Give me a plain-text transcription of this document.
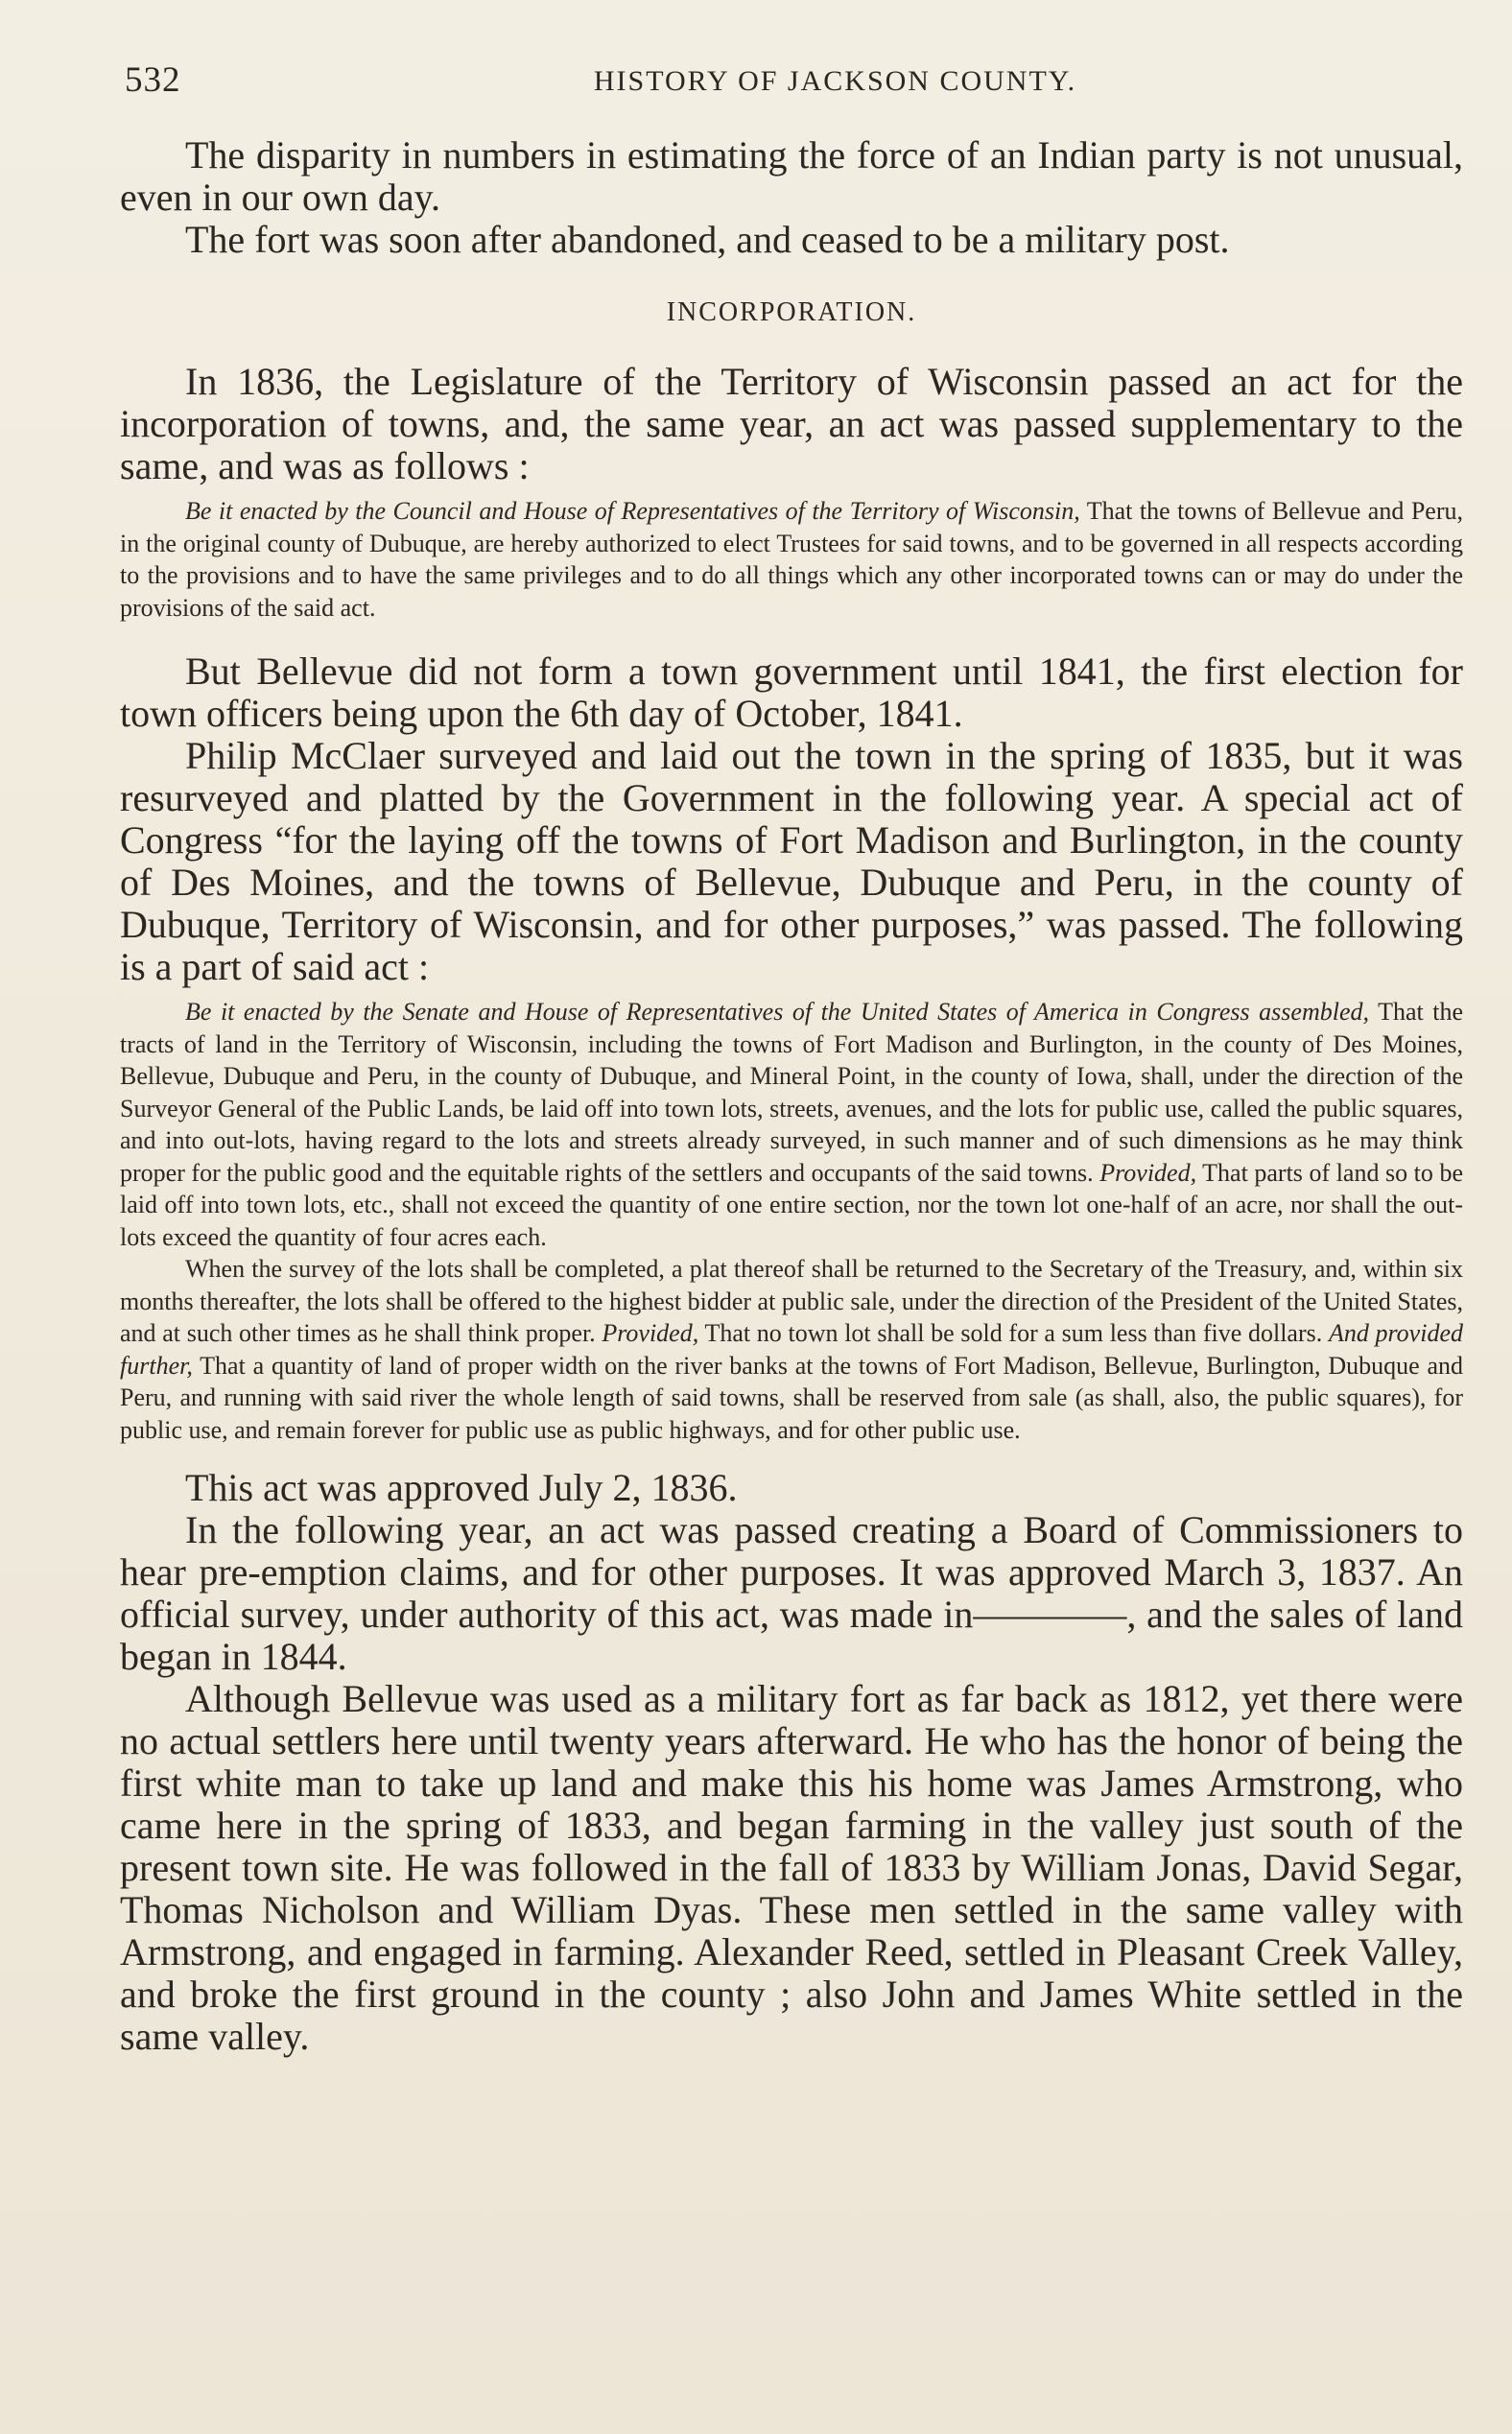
532	HISTORY OF JACKSON COUNTY.

The disparity in numbers in estimating the force of an Indian party is not unusual, even in our own day.

The fort was soon after abandoned, and ceased to be a military post.

INCORPORATION.

In 1836, the Legislature of the Territory of Wisconsin passed an act for the incorporation of towns, and, the same year, an act was passed supplementary to the same, and was as follows :

Be it enacted by the Council and House of Representatives of the Territory of Wisconsin, That the towns of Bellevue and Peru, in the original county of Dubuque, are hereby authorized to elect Trustees for said towns, and to be governed in all respects according to the provisions and to have the same privileges and to do all things which any other incorporated towns can or may do under the provisions of the said act.

But Bellevue did not form a town government until 1841, the first election for town officers being upon the 6th day of October, 1841.

Philip McClaer surveyed and laid out the town in the spring of 1835, but it was resurveyed and platted by the Government in the following year. A special act of Congress “for the laying off the towns of Fort Madison and Burlington, in the county of Des Moines, and the towns of Bellevue, Dubuque and Peru, in the county of Dubuque, Territory of Wisconsin, and for other purposes,” was passed. The following is a part of said act :

Be it enacted by the Senate and House of Representatives of the United States of America in Congress assembled, That the tracts of land in the Territory of Wisconsin, including the towns of Fort Madison and Burlington, in the county of Des Moines, Bellevue, Dubuque and Peru, in the county of Dubuque, and Mineral Point, in the county of Iowa, shall, under the direction of the Surveyor General of the Public Lands, be laid off into town lots, streets, avenues, and the lots for public use, called the public squares, and into out-lots, having regard to the lots and streets already surveyed, in such manner and of such dimensions as he may think proper for the public good and the equitable rights of the settlers and occupants of the said towns. Provided, That parts of land so to be laid off into town lots, etc., shall not exceed the quantity of one entire section, nor the town lot one-half of an acre, nor shall the out-lots exceed the quantity of four acres each.

When the survey of the lots shall be completed, a plat thereof shall be returned to the Secretary of the Treasury, and, within six months thereafter, the lots shall be offered to the highest bidder at public sale, under the direction of the President of the United States, and at such other times as he shall think proper. Provided, That no town lot shall be sold for a sum less than five dollars. And provided further, That a quantity of land of proper width on the river banks at the towns of Fort Madison, Bellevue, Burlington, Dubuque and Peru, and running with said river the whole length of said towns, shall be reserved from sale (as shall, also, the public squares), for public use, and remain forever for public use as public highways, and for other public use.

This act was approved July 2, 1836.

In the following year, an act was passed creating a Board of Commissioners to hear pre-emption claims, and for other purposes. It was approved March 3, 1837. An official survey, under authority of this act, was made in————, and the sales of land began in 1844.

Although Bellevue was used as a military fort as far back as 1812, yet there were no actual settlers here until twenty years afterward. He who has the honor of being the first white man to take up land and make this his home was James Armstrong, who came here in the spring of 1833, and began farming in the valley just south of the present town site. He was followed in the fall of 1833 by William Jonas, David Segar, Thomas Nicholson and William Dyas. These men settled in the same valley with Armstrong, and engaged in farming. Alexander Reed, settled in Pleasant Creek Valley, and broke the first ground in the county ; also John and James White settled in the same valley.
